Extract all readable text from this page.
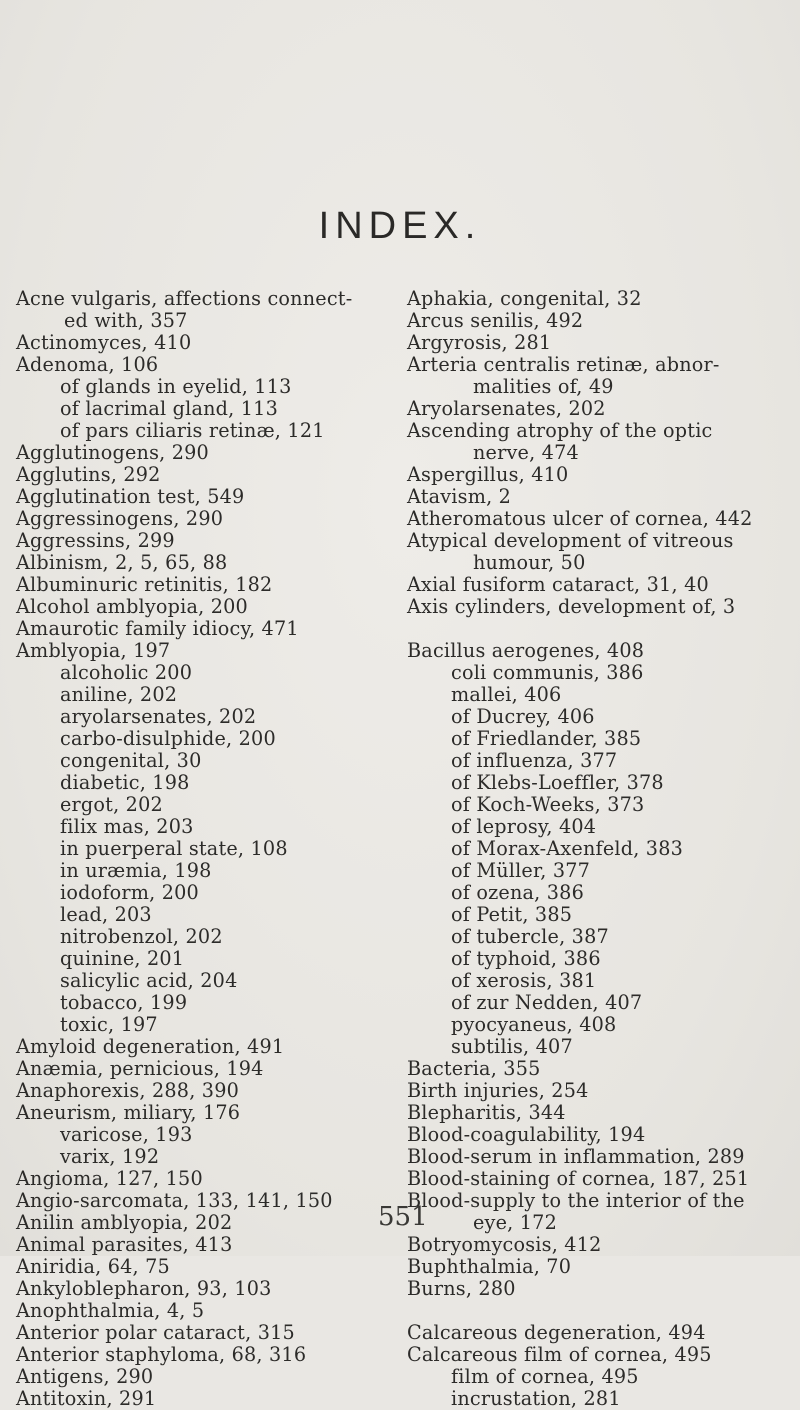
INDEX.
Acne vulgaris, affections connect-
ed with, 357
Actinomyces, 410
Adenoma, 106
of glands in eyelid, 113
of lacrimal gland, 113
of pars ciliaris retinæ, 121
Agglutinogens, 290
Agglutins, 292
Agglutination test, 549
Aggressinogens, 290
Aggressins, 299
Albinism, 2, 5, 65, 88
Albuminuric retinitis, 182
Alcohol amblyopia, 200
Amaurotic family idiocy, 471
Amblyopia, 197
alcoholic 200
aniline, 202
aryolarsenates, 202
carbo-disulphide, 200
congenital, 30
diabetic, 198
ergot, 202
filix mas, 203
in puerperal state, 108
in uræmia, 198
iodoform, 200
lead, 203
nitrobenzol, 202
quinine, 201
salicylic acid, 204
tobacco, 199
toxic, 197
Amyloid degeneration, 491
Anæmia, pernicious, 194
Anaphorexis, 288, 390
Aneurism, miliary, 176
varicose, 193
varix, 192
Angioma, 127, 150
Angio-sarcomata, 133, 141, 150
Anilin amblyopia, 202
Animal parasites, 413
Aniridia, 64, 75
Ankyloblepharon, 93, 103
Anophthalmia, 4, 5
Anterior polar cataract, 315
Anterior staphyloma, 68, 316
Antigens, 290
Antitoxin, 291
Aphakia, congenital, 32
Arcus senilis, 492
Argyrosis, 281
Arteria centralis retinæ, abnor-
malities of, 49
Aryolarsenates, 202
Ascending atrophy of the optic
nerve, 474
Aspergillus, 410
Atavism, 2
Atheromatous ulcer of cornea, 442
Atypical development of vitreous
humour, 50
Axial fusiform cataract, 31, 40
Axis cylinders, development of, 3
Bacillus aerogenes, 408
coli communis, 386
mallei, 406
of Ducrey, 406
of Friedlander, 385
of influenza, 377
of Klebs-Loeffler, 378
of Koch-Weeks, 373
of leprosy, 404
of Morax-Axenfeld, 383
of Müller, 377
of ozena, 386
of Petit, 385
of tubercle, 387
of typhoid, 386
of xerosis, 381
of zur Nedden, 407
pyocyaneus, 408
subtilis, 407
Bacteria, 355
Birth injuries, 254
Blepharitis, 344
Blood-coagulability, 194
Blood-serum in inflammation, 289
Blood-staining of cornea, 187, 251
Blood-supply to the interior of the
eye, 172
Botryomycosis, 412
Buphthalmia, 70
Burns, 280
Calcareous degeneration, 494
Calcareous film of cornea, 495
film of cornea, 495
incrustation, 281
551
